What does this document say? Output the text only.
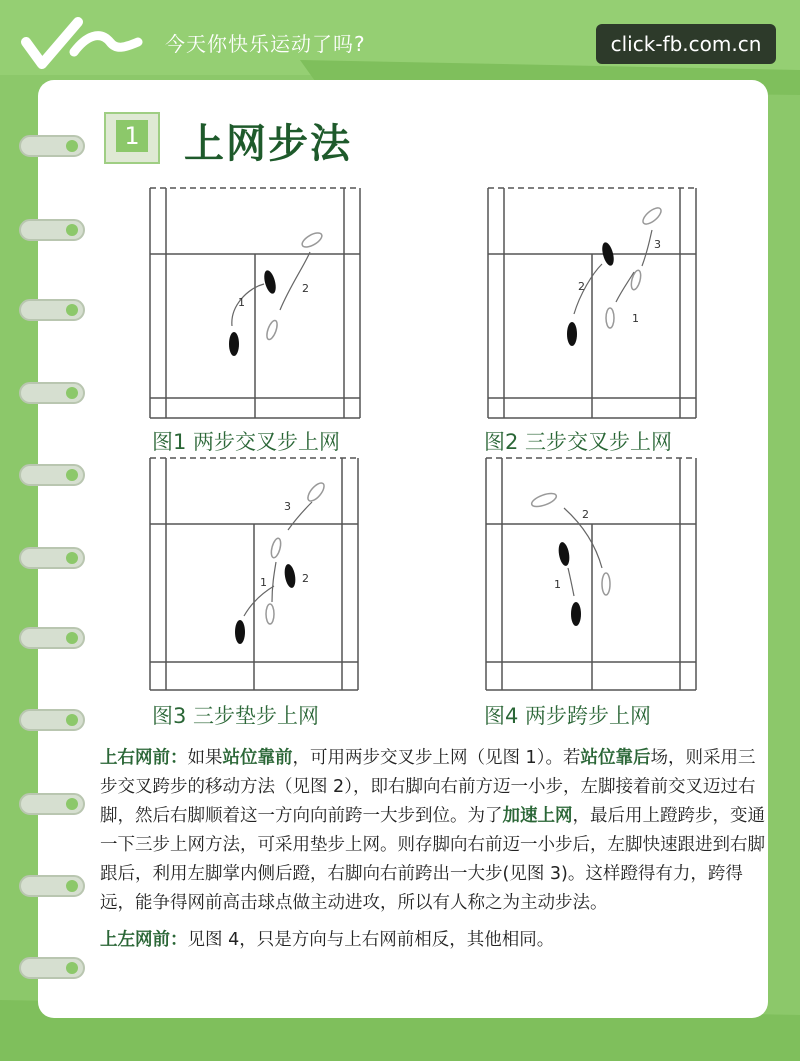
今天你快乐运动了吗?	click-fb.com.cn
1 上网步法
1
2
图1 两步交叉步上网
1
2
3
图2 三步交叉步上网
1	2
3
图3 三步垫步上网
1
2
图4 两步跨步上网

上右网前：如果站位靠前，可用两步交叉步上网（见图 1）。若站位靠后场，则采用三步交叉跨步的移动方法（见图 2），即右脚向右前方迈一小步，左脚接着前交叉迈过右脚，然后右脚顺着这一方向向前跨一大步到位。为了加速上网，最后用上蹬跨步，变通一下三步上网方法，可采用垫步上网。则存脚向右前迈一小步后，左脚快速跟进到右脚跟后，利用左脚掌内侧后蹬，右脚向右前跨出一大步(见图 3)。这样蹬得有力，跨得远，能争得网前高击球点做主动进攻，所以有人称之为主动步法。

上左网前：见图 4，只是方向与上右网前相反，其他相同。
